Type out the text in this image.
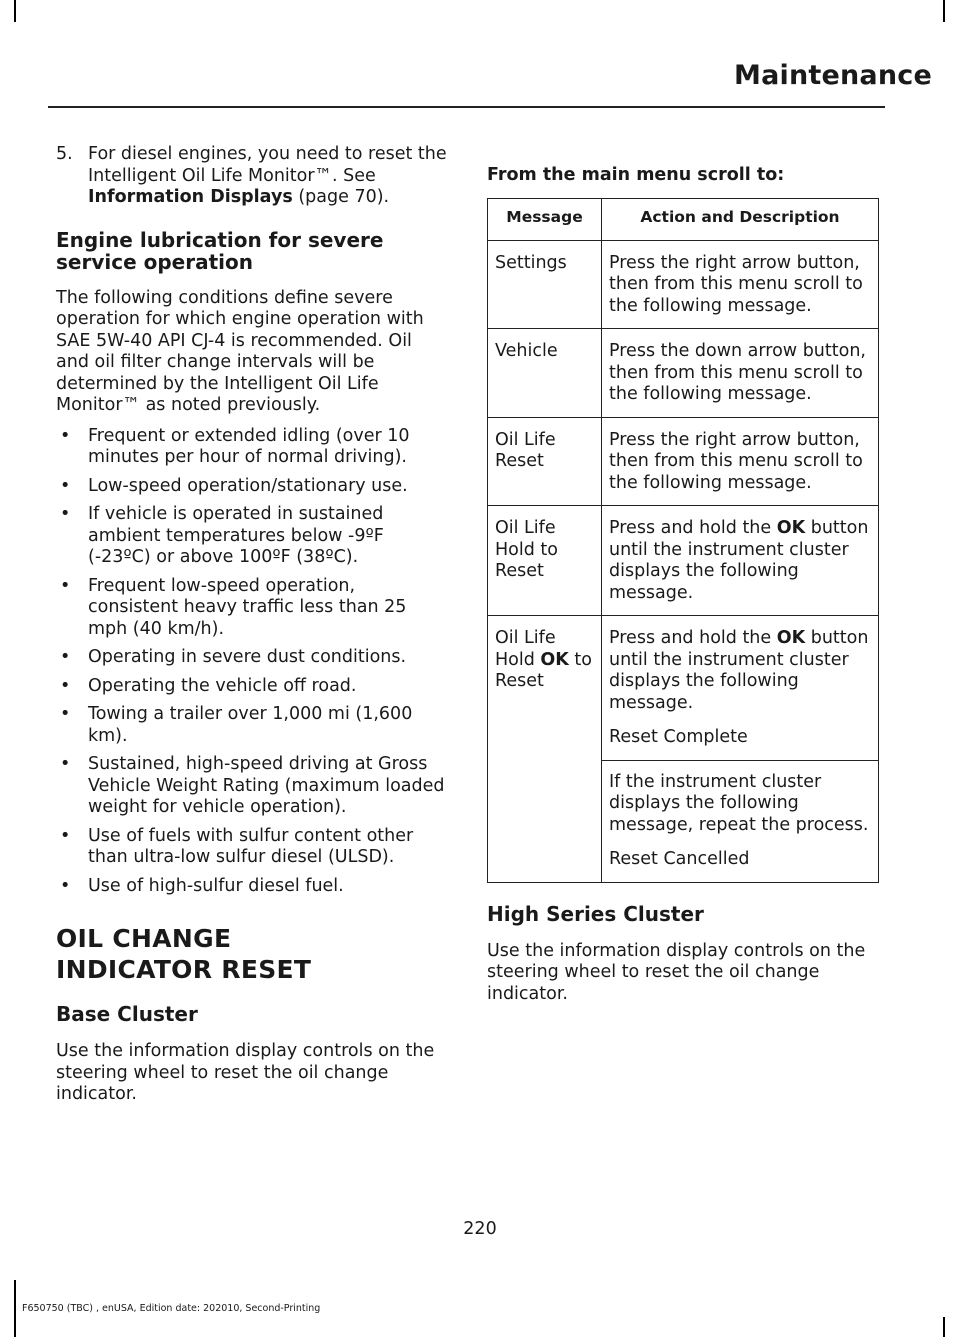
Maintenance
5. For diesel engines, you need to reset the Intelligent Oil Life Monitor™. See Information Displays (page 70).
Engine lubrication for severe service operation
The following conditions define severe operation for which engine operation with SAE 5W-40 API CJ-4 is recommended. Oil and oil filter change intervals will be determined by the Intelligent Oil Life Monitor™ as noted previously.
• Frequent or extended idling (over 10 minutes per hour of normal driving).
• Low-speed operation/stationary use.
• If vehicle is operated in sustained ambient temperatures below -9ºF (-23ºC) or above 100ºF (38ºC).
• Frequent low-speed operation, consistent heavy traffic less than 25 mph (40 km/h).
• Operating in severe dust conditions.
• Operating the vehicle off road.
• Towing a trailer over 1,000 mi (1,600 km).
• Sustained, high-speed driving at Gross Vehicle Weight Rating (maximum loaded weight for vehicle operation).
• Use of fuels with sulfur content other than ultra-low sulfur diesel (ULSD).
• Use of high-sulfur diesel fuel.
OIL CHANGE INDICATOR RESET
Base Cluster
Use the information display controls on the steering wheel to reset the oil change indicator.
From the main menu scroll to:
Message	Action and Description
Settings	Press the right arrow button, then from this menu scroll to the following message.
Vehicle	Press the down arrow button, then from this menu scroll to the following message.
Oil Life Reset	Press the right arrow button, then from this menu scroll to the following message.
Oil Life Hold to Reset	Press and hold the OK button until the instrument cluster displays the following message.
Oil Life Hold OK to Reset	Press and hold the OK button until the instrument cluster displays the following message.
Reset Complete

	If the instrument cluster displays the following message, repeat the process.
Reset Cancelled
High Series Cluster
Use the information display controls on the steering wheel to reset the oil change indicator.
220
F650750 (TBC) , enUSA, Edition date: 202010, Second-Printing
